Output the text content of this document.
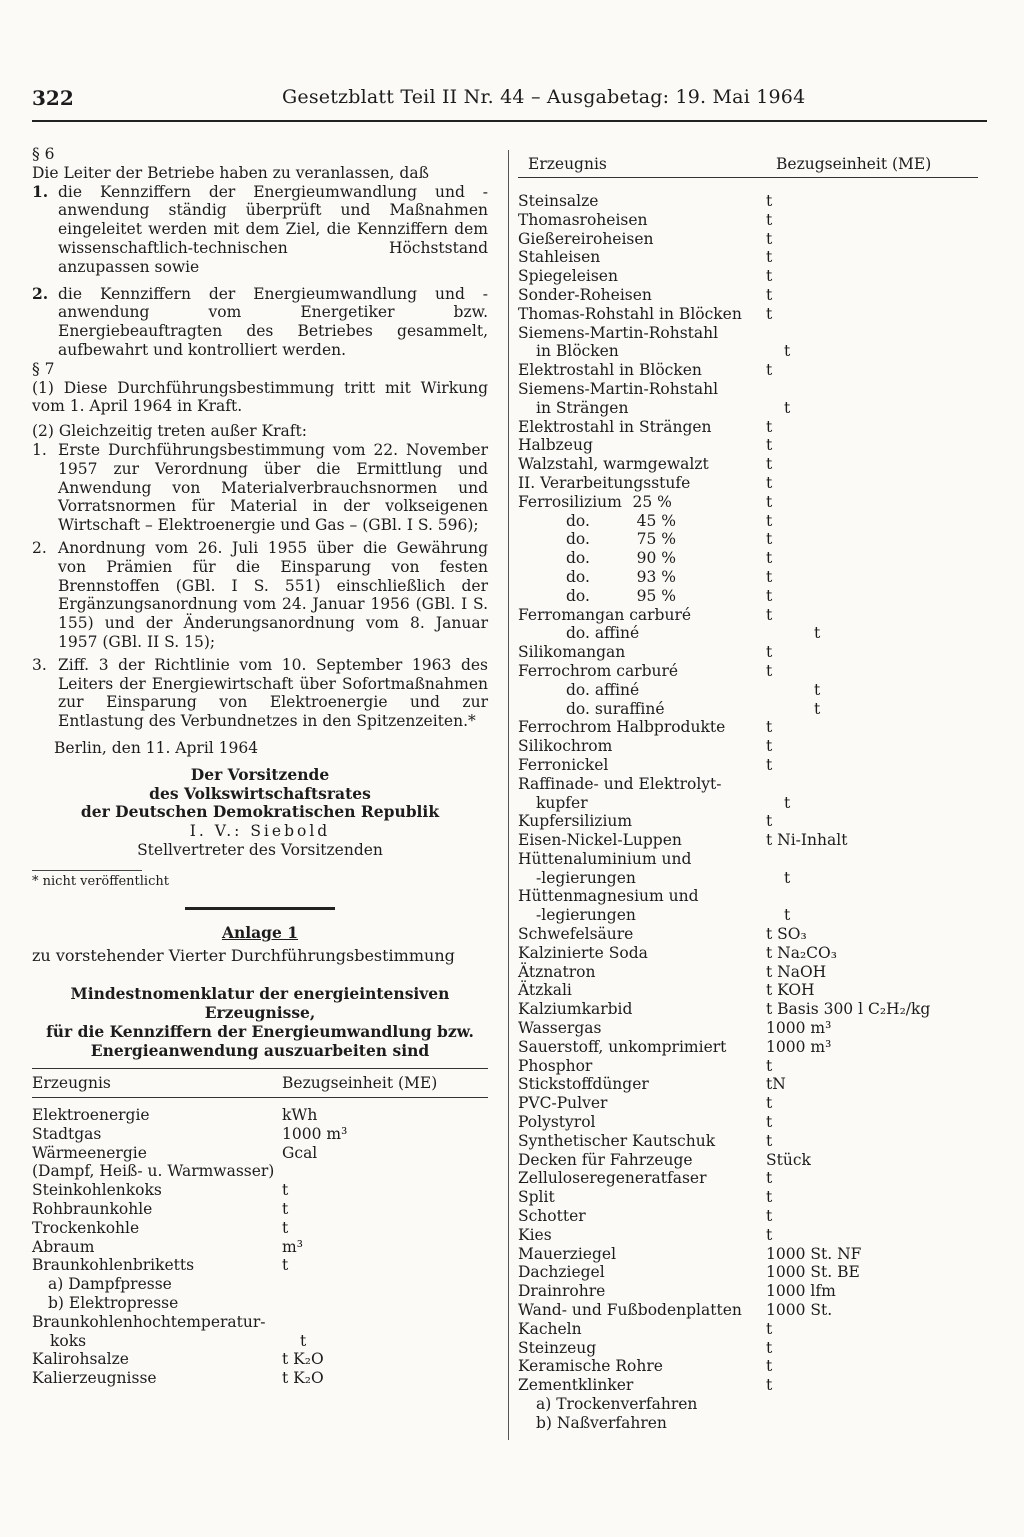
322	Gesetzblatt Teil II Nr. 44 – Ausgabetag: 19. Mai 1964

§ 6

Die Leiter der Betriebe haben zu veranlassen, daß

1. die Kennziffern der Energieumwandlung und -anwendung ständig überprüft und Maßnahmen eingeleitet werden mit dem Ziel, die Kennziffern dem wissenschaftlich-technischen Höchststand anzupassen sowie
2. die Kennziffern der Energieumwandlung und -anwendung vom Energetiker bzw. Energiebeauftragten des Betriebes gesammelt, aufbewahrt und kontrolliert werden.

§ 7

(1) Diese Durchführungsbestimmung tritt mit Wirkung vom 1. April 1964 in Kraft.

(2) Gleichzeitig treten außer Kraft:

1. Erste Durchführungsbestimmung vom 22. November 1957 zur Verordnung über die Ermittlung und Anwendung von Materialverbrauchsnormen und Vorratsnormen für Material in der volkseigenen Wirtschaft – Elektroenergie und Gas – (GBl. I S. 596);
2. Anordnung vom 26. Juli 1955 über die Gewährung von Prämien für die Einsparung von festen Brennstoffen (GBl. I S. 551) einschließlich der Ergänzungsanordnung vom 24. Januar 1956 (GBl. I S. 155) und der Änderungsanordnung vom 8. Januar 1957 (GBl. II S. 15);
3. Ziff. 3 der Richtlinie vom 10. September 1963 des Leiters der Energiewirtschaft über Sofortmaßnahmen zur Einsparung von Elektroenergie und zur Entlastung des Verbundnetzes in den Spitzenzeiten.*

Berlin, den 11. April 1964

Der Vorsitzende
des Volkswirtschaftsrates
der Deutschen Demokratischen Republik
I. V.: Siebold
Stellvertreter des Vorsitzenden
* nicht veröffentlicht
Anlage 1
zu vorstehender Vierter Durchführungsbestimmung
Mindestnomenklatur der energieintensiven Erzeugnisse,
für die Kennziffern der Energieumwandlung bzw.
Energieanwendung auszuarbeiten sind
Erzeugnis	Bezugseinheit (ME)
Elektroenergie	kWh
Stadtgas	1000 m³
Wärmeenergie	Gcal
(Dampf, Heiß- u. Warmwasser)
Steinkohlenkoks	t
Rohbraunkohle	t
Trockenkohle	t
Abraum	m³
Braunkohlenbriketts	t
a) Dampfpresse
b) Elektropresse
Braunkohlenhochtemperatur-
koks	t
Kalirohsalze	t K₂O
Kalierzeugnisse	t K₂O
Erzeugnis	Bezugseinheit (ME)
Steinsalze	t
Thomasroheisen	t
Gießereiroheisen	t
Stahleisen	t
Spiegeleisen	t
Sonder-Roheisen	t
Thomas-Rohstahl in Blöcken	t
Siemens-Martin-Rohstahl
in Blöcken	t
Elektrostahl in Blöcken	t
Siemens-Martin-Rohstahl
in Strängen	t
Elektrostahl in Strängen	t
Halbzeug	t
Walzstahl, warmgewalzt	t
II. Verarbeitungsstufe	t
Ferrosilizium 25 %	t
do.	45 %	t
do.	75 %	t
do.	90 %	t
do.	93 %	t
do.	95 %	t
Ferromangan carburé	t
do. affiné	t
Silikomangan	t
Ferrochrom carburé	t
do. affiné	t
do. suraffiné	t
Ferrochrom Halbprodukte	t
Silikochrom	t
Ferronickel	t
Raffinade- und Elektrolyt-
kupfer	t
Kupfersilizium	t
Eisen-Nickel-Luppen	t Ni-Inhalt
Hüttenaluminium und
-legierungen	t
Hüttenmagnesium und
-legierungen	t
Schwefelsäure	t SO₃
Kalzinierte Soda	t Na₂CO₃
Ätznatron	t NaOH
Ätzkali	t KOH
Kalziumkarbid	t Basis 300 l C₂H₂/kg
Wassergas	1000 m³
Sauerstoff, unkomprimiert	1000 m³
Phosphor	t
Stickstoffdünger	tN
PVC-Pulver	t
Polystyrol	t
Synthetischer Kautschuk	t
Decken für Fahrzeuge	Stück
Zelluloseregeneratfaser	t
Split	t
Schotter	t
Kies	t
Mauerziegel	1000 St. NF
Dachziegel	1000 St. BE
Drainrohre	1000 lfm
Wand- und Fußbodenplatten	1000 St.
Kacheln	t
Steinzeug	t
Keramische Rohre	t
Zementklinker	t
a) Trockenverfahren
b) Naßverfahren
